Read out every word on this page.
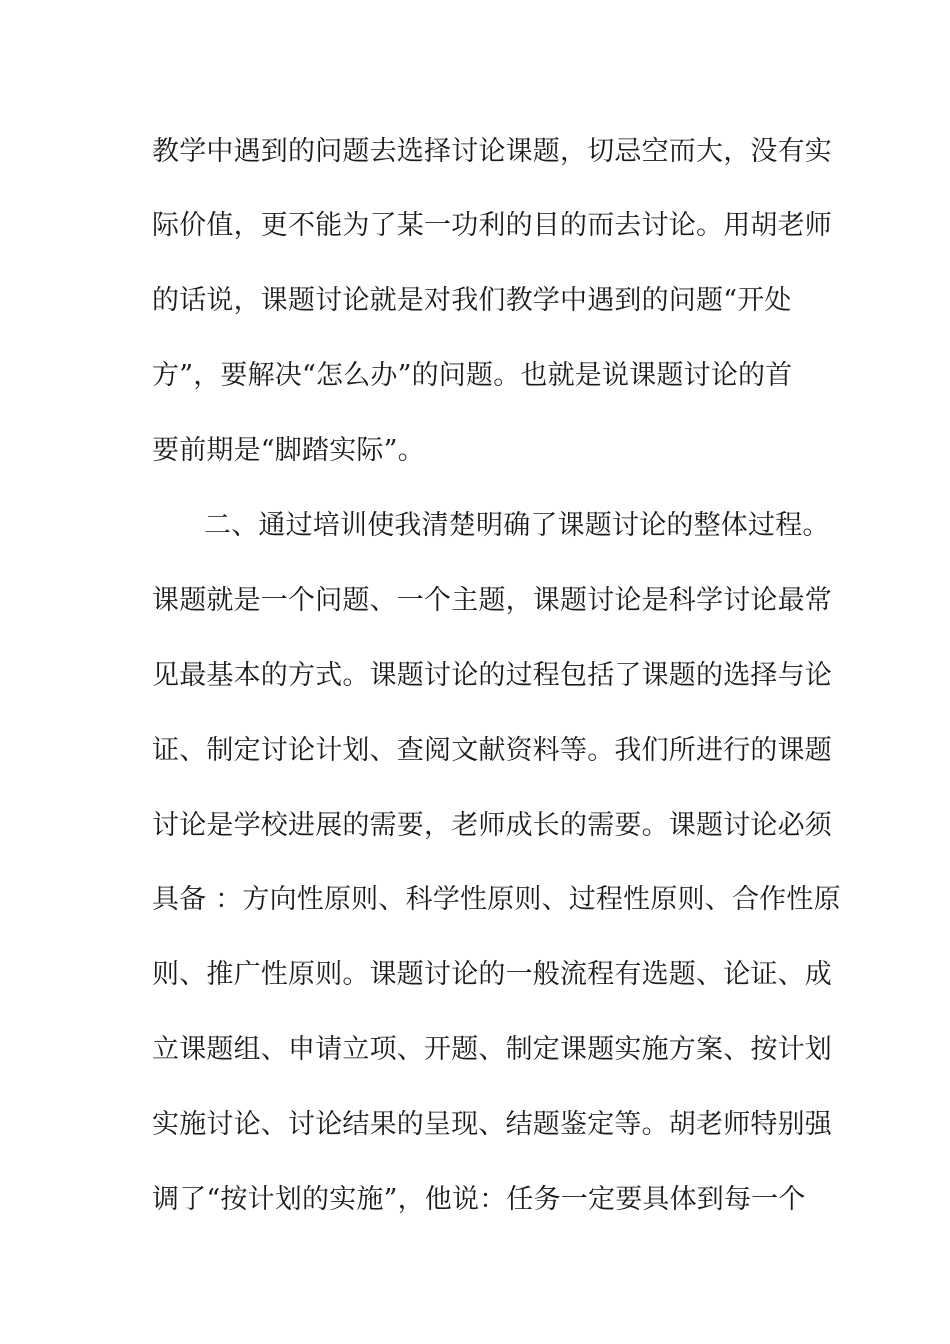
教学中遇到的问题去选择讨论课题，切忌空而大，没有实
际价值，更不能为了某一功利的目的而去讨论。用胡老师
的话说，课题讨论就是对我们教学中遇到的问题“开处
方”，要解决“怎么办”的问题。也就是说课题讨论的首
要前期是“脚踏实际”。
二、通过培训使我清楚明确了课题讨论的整体过程。
课题就是一个问题、一个主题，课题讨论是科学讨论最常
见最基本的方式。课题讨论的过程包括了课题的选择与论
证、制定讨论计划、查阅文献资料等。我们所进行的课题
讨论是学校进展的需要，老师成长的需要。课题讨论必须
具备 ：方向性原则、科学性原则、过程性原则、合作性原
则、推广性原则。课题讨论的一般流程有选题、论证、成
立课题组、申请立项、开题、制定课题实施方案、按计划
实施讨论、讨论结果的呈现、结题鉴定等。胡老师特别强
调了“按计划的实施”，他说：任务一定要具体到每一个
